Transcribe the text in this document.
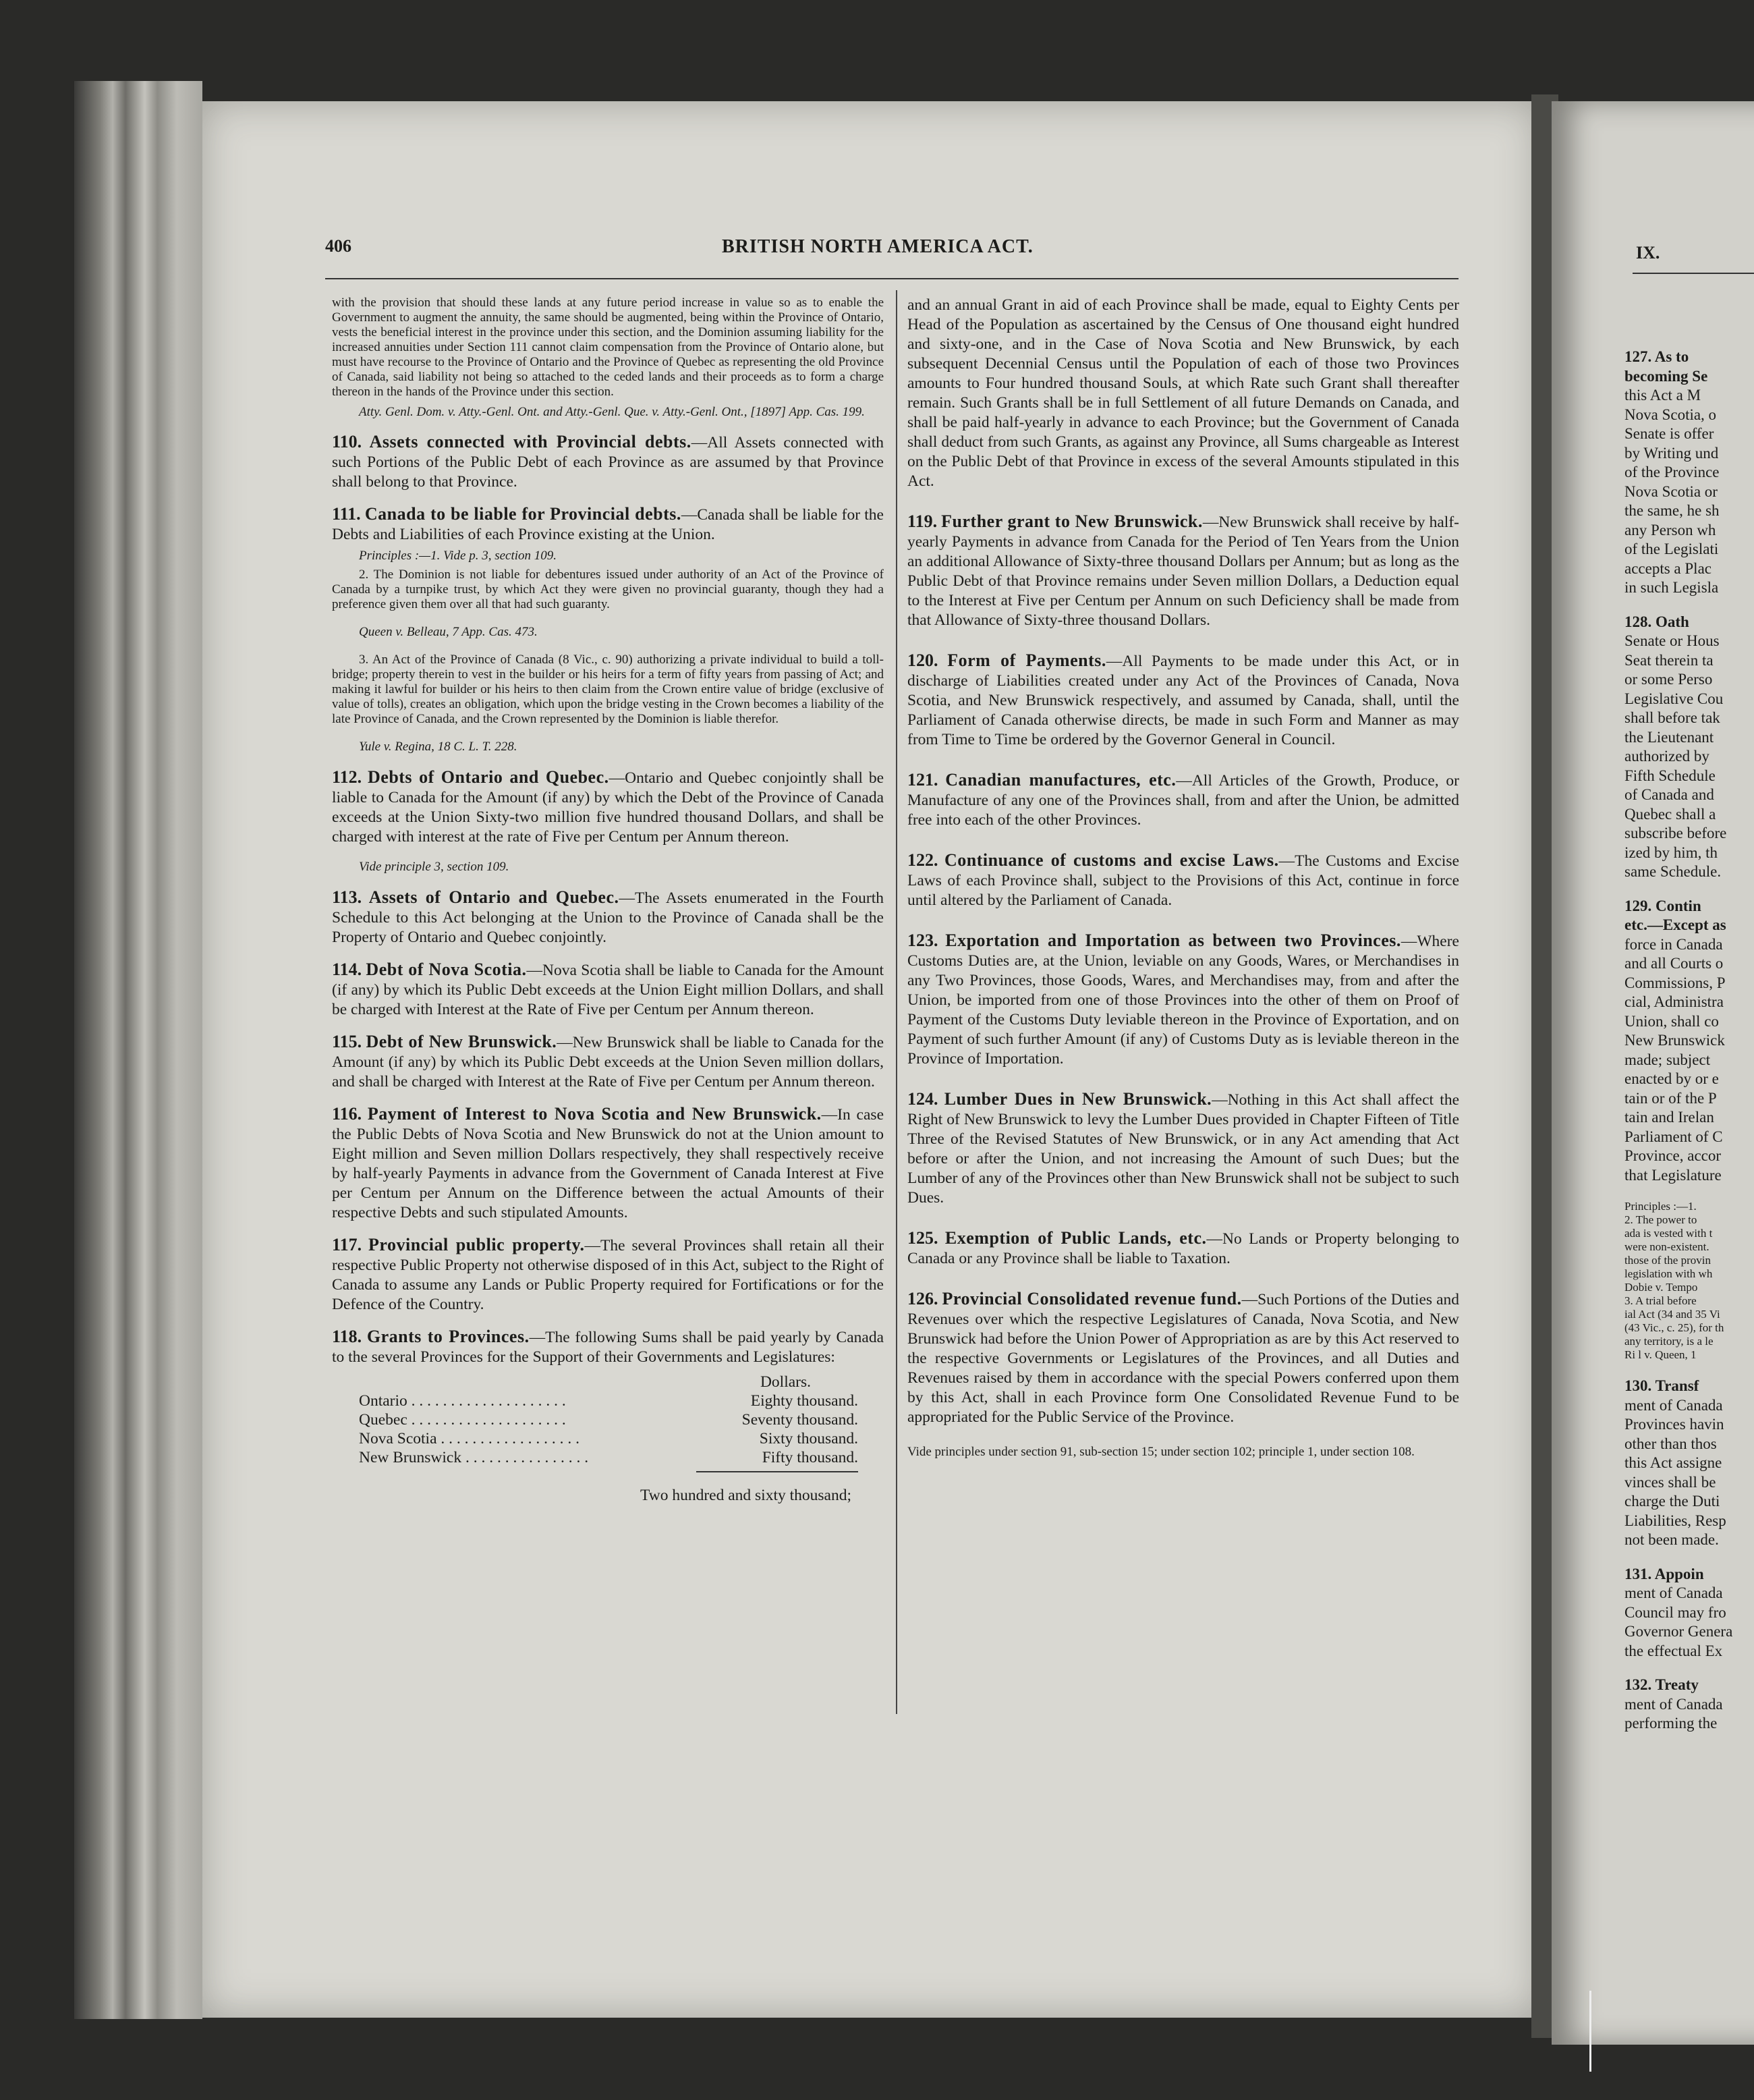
406	BRITISH NORTH AMERICA ACT.

with the provision that should these lands at any future period increase in value so as to enable the Government to augment the annuity, the same should be augmented, being within the Province of Ontario, vests the beneficial interest in the province under this section, and the Dominion assuming liability for the increased annuities under Section 111 cannot claim compensation from the Province of Ontario alone, but must have recourse to the Province of Ontario and the Province of Quebec as representing the old Province of Canada, said liability not being so attached to the ceded lands and their proceeds as to form a charge thereon in the hands of the Province under this section.

Atty. Genl. Dom. v. Atty.-Genl. Ont. and Atty.-Genl. Que. v. Atty.-Genl. Ont., [1897] App. Cas. 199.

110. Assets connected with Provincial debts.—All Assets connected with such Portions of the Public Debt of each Province as are assumed by that Province shall belong to that Province.

111. Canada to be liable for Provincial debts.—Canada shall be liable for the Debts and Liabilities of each Province existing at the Union.

Principles :—1. Vide p. 3, section 109.

2. The Dominion is not liable for debentures issued under authority of an Act of the Province of Canada by a turnpike trust, by which Act they were given no provincial guaranty, though they had a preference given them over all that had such guaranty.

Queen v. Belleau, 7 App. Cas. 473.

3. An Act of the Province of Canada (8 Vic., c. 90) authorizing a private individual to build a toll-bridge; property therein to vest in the builder or his heirs for a term of fifty years from passing of Act; and making it lawful for builder or his heirs to then claim from the Crown entire value of bridge (exclusive of value of tolls), creates an obligation, which upon the bridge vesting in the Crown becomes a liability of the late Province of Canada, and the Crown represented by the Dominion is liable therefor.

Yule v. Regina, 18 C. L. T. 228.

112. Debts of Ontario and Quebec.—Ontario and Quebec conjointly shall be liable to Canada for the Amount (if any) by which the Debt of the Province of Canada exceeds at the Union Sixty-two million five hundred thousand Dollars, and shall be charged with interest at the rate of Five per Centum per Annum thereon.

Vide principle 3, section 109.

113. Assets of Ontario and Quebec.—The Assets enumerated in the Fourth Schedule to this Act belonging at the Union to the Province of Canada shall be the Property of Ontario and Quebec conjointly.

114. Debt of Nova Scotia.—Nova Scotia shall be liable to Canada for the Amount (if any) by which its Public Debt exceeds at the Union Eight million Dollars, and shall be charged with Interest at the Rate of Five per Centum per Annum thereon.

115. Debt of New Brunswick.—New Brunswick shall be liable to Canada for the Amount (if any) by which its Public Debt exceeds at the Union Seven million dollars, and shall be charged with Interest at the Rate of Five per Centum per Annum thereon.

116. Payment of Interest to Nova Scotia and New Brunswick.—In case the Public Debts of Nova Scotia and New Brunswick do not at the Union amount to Eight million and Seven million Dollars respectively, they shall respectively receive by half-yearly Payments in advance from the Government of Canada Interest at Five per Centum per Annum on the Difference between the actual Amounts of their respective Debts and such stipulated Amounts.

117. Provincial public property.—The several Provinces shall retain all their respective Public Property not otherwise disposed of in this Act, subject to the Right of Canada to assume any Lands or Public Property required for Fortifications or for the Defence of the Country.

118. Grants to Provinces.—The following Sums shall be paid yearly by Canada to the several Provinces for the Support of their Governments and Legislatures:

Dollars.
Ontario . . . . . . . . . . . . . . . . . . . .	Eighty thousand.
Quebec . . . . . . . . . . . . . . . . . . . .	Seventy thousand.
Nova Scotia . . . . . . . . . . . . . . . . . .	Sixty thousand.
New Brunswick . . . . . . . . . . . . . . . .	Fifty thousand.
Two hundred and sixty thousand;

and an annual Grant in aid of each Province shall be made, equal to Eighty Cents per Head of the Population as ascertained by the Census of One thousand eight hundred and sixty-one, and in the Case of Nova Scotia and New Brunswick, by each subsequent Decennial Census until the Population of each of those two Provinces amounts to Four hundred thousand Souls, at which Rate such Grant shall thereafter remain. Such Grants shall be in full Settlement of all future Demands on Canada, and shall be paid half-yearly in advance to each Province; but the Government of Canada shall deduct from such Grants, as against any Province, all Sums chargeable as Interest on the Public Debt of that Province in excess of the several Amounts stipulated in this Act.

119. Further grant to New Brunswick.—New Brunswick shall receive by half-yearly Payments in advance from Canada for the Period of Ten Years from the Union an additional Allowance of Sixty-three thousand Dollars per Annum; but as long as the Public Debt of that Province remains under Seven million Dollars, a Deduction equal to the Interest at Five per Centum per Annum on such Deficiency shall be made from that Allowance of Sixty-three thousand Dollars.

120. Form of Payments.—All Payments to be made under this Act, or in discharge of Liabilities created under any Act of the Provinces of Canada, Nova Scotia, and New Brunswick respectively, and assumed by Canada, shall, until the Parliament of Canada otherwise directs, be made in such Form and Manner as may from Time to Time be ordered by the Governor General in Council.

121. Canadian manufactures, etc.—All Articles of the Growth, Produce, or Manufacture of any one of the Provinces shall, from and after the Union, be admitted free into each of the other Provinces.

122. Continuance of customs and excise Laws.—The Customs and Excise Laws of each Province shall, subject to the Provisions of this Act, continue in force until altered by the Parliament of Canada.

123. Exportation and Importation as between two Provinces.—Where Customs Duties are, at the Union, leviable on any Goods, Wares, or Merchandises in any Two Provinces, those Goods, Wares, and Merchandises may, from and after the Union, be imported from one of those Provinces into the other of them on Proof of Payment of the Customs Duty leviable thereon in the Province of Exportation, and on Payment of such further Amount (if any) of Customs Duty as is leviable thereon in the Province of Importation.

124. Lumber Dues in New Brunswick.—Nothing in this Act shall affect the Right of New Brunswick to levy the Lumber Dues provided in Chapter Fifteen of Title Three of the Revised Statutes of New Brunswick, or in any Act amending that Act before or after the Union, and not increasing the Amount of such Dues; but the Lumber of any of the Provinces other than New Brunswick shall not be subject to such Dues.

125. Exemption of Public Lands, etc.—No Lands or Property belonging to Canada or any Province shall be liable to Taxation.

126. Provincial Consolidated revenue fund.—Such Portions of the Duties and Revenues over which the respective Legislatures of Canada, Nova Scotia, and New Brunswick had before the Union Power of Appropriation as are by this Act reserved to the respective Governments or Legislatures of the Provinces, and all Duties and Revenues raised by them in accordance with the special Powers conferred upon them by this Act, shall in each Province form One Consolidated Revenue Fund to be appropriated for the Public Service of the Province.

Vide principles under section 91, sub-section 15; under section 102; principle 1, under section 108.

IX.
127. As to
becoming Se
this Act a M
Nova Scotia, o
Senate is offer
by Writing und
of the Province
Nova Scotia or
the same, he sh
any Person wh
of the Legislati
accepts a Plac
in such Legisla
128. Oath
Senate or Hous
Seat therein ta
or some Perso
Legislative Cou
shall before tak
the Lieutenant
authorized by
Fifth Schedule
of Canada and
Quebec shall a
subscribe before
ized by him, th
same Schedule.
129. Contin
etc.—Except as
force in Canada
and all Courts o
Commissions, P
cial, Administra
Union, shall co
New Brunswick
made; subject
enacted by or e
tain or of the P
tain and Irelan
Parliament of C
Province, accor
that Legislature
Principles :—1.
2. The power to
ada is vested with t
were non-existent.
those of the provin
legislation with wh
Dobie v. Tempo
3. A trial before
ial Act (34 and 35 Vi
(43 Vic., c. 25), for th
any territory, is a le
Ri l v. Queen, 1
130. Transf
ment of Canada
Provinces havin
other than thos
this Act assigne
vinces shall be
charge the Duti
Liabilities, Resp
not been made.
131. Appoin
ment of Canada
Council may fro
Governor Genera
the effectual Ex
132. Treaty
ment of Canada
performing the
